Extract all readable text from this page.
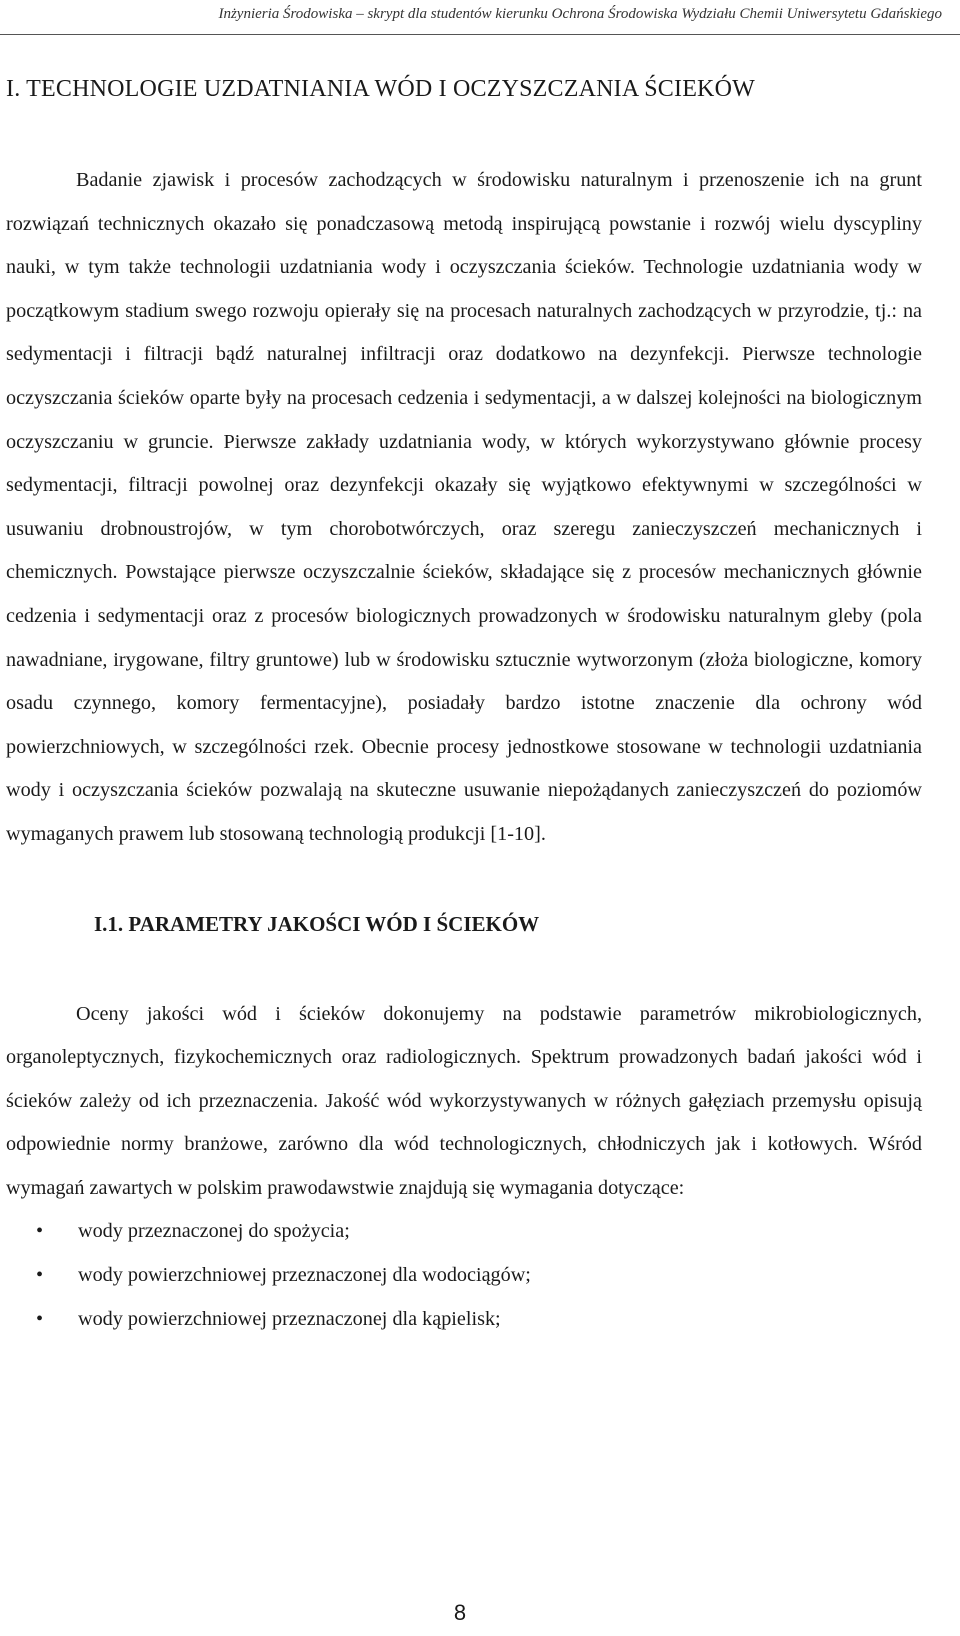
Inżynieria Środowiska – skrypt dla studentów kierunku Ochrona Środowiska Wydziału Chemii Uniwersytetu Gdańskiego
I. TECHNOLOGIE UZDATNIANIA WÓD I OCZYSZCZANIA ŚCIEKÓW

Badanie zjawisk i procesów zachodzących w środowisku naturalnym i przenoszenie ich na grunt rozwiązań technicznych okazało się ponadczasową metodą inspirującą powstanie i rozwój wielu dyscypliny nauki, w tym także technologii uzdatniania wody i oczyszczania ścieków. Technologie uzdatniania wody w początkowym stadium swego rozwoju opierały się na procesach naturalnych zachodzących w przyrodzie, tj.: na sedymentacji i filtracji bądź naturalnej infiltracji oraz dodatkowo na dezynfekcji. Pierwsze technologie oczyszczania ścieków oparte były na procesach cedzenia i sedymentacji, a w dalszej kolejności na biologicznym oczyszczaniu w gruncie. Pierwsze zakłady uzdatniania wody, w których wykorzystywano głównie procesy sedymentacji, filtracji powolnej oraz dezynfekcji okazały się wyjątkowo efektywnymi w szczególności w usuwaniu drobnoustrojów, w tym chorobotwórczych, oraz szeregu zanieczyszczeń mechanicznych i chemicznych. Powstające pierwsze oczyszczalnie ścieków, składające się z procesów mechanicznych głównie cedzenia i sedymentacji oraz z procesów biologicznych prowadzonych w środowisku naturalnym gleby (pola nawadniane, irygowane, filtry gruntowe) lub w środowisku sztucznie wytworzonym (złoża biologiczne, komory osadu czynnego, komory fermentacyjne), posiadały bardzo istotne znaczenie dla ochrony wód powierzchniowych, w szczególności rzek. Obecnie procesy jednostkowe stosowane w technologii uzdatniania wody i oczyszczania ścieków pozwalają na skuteczne usuwanie niepożądanych zanieczyszczeń do poziomów wymaganych prawem lub stosowaną technologią produkcji [1-10].

I.1. PARAMETRY JAKOŚCI WÓD I ŚCIEKÓW

Oceny jakości wód i ścieków dokonujemy na podstawie parametrów mikrobiologicznych, organoleptycznych, fizykochemicznych oraz radiologicznych. Spektrum prowadzonych badań jakości wód i ścieków zależy od ich przeznaczenia. Jakość wód wykorzystywanych w różnych gałęziach przemysłu opisują odpowiednie normy branżowe, zarówno dla wód technologicznych, chłodniczych jak i kotłowych. Wśród wymagań zawartych w polskim prawodawstwie znajdują się wymagania dotyczące:

• wody przeznaczonej do spożycia;
• wody powierzchniowej przeznaczonej dla wodociągów;
• wody powierzchniowej przeznaczonej dla kąpielisk;
8
